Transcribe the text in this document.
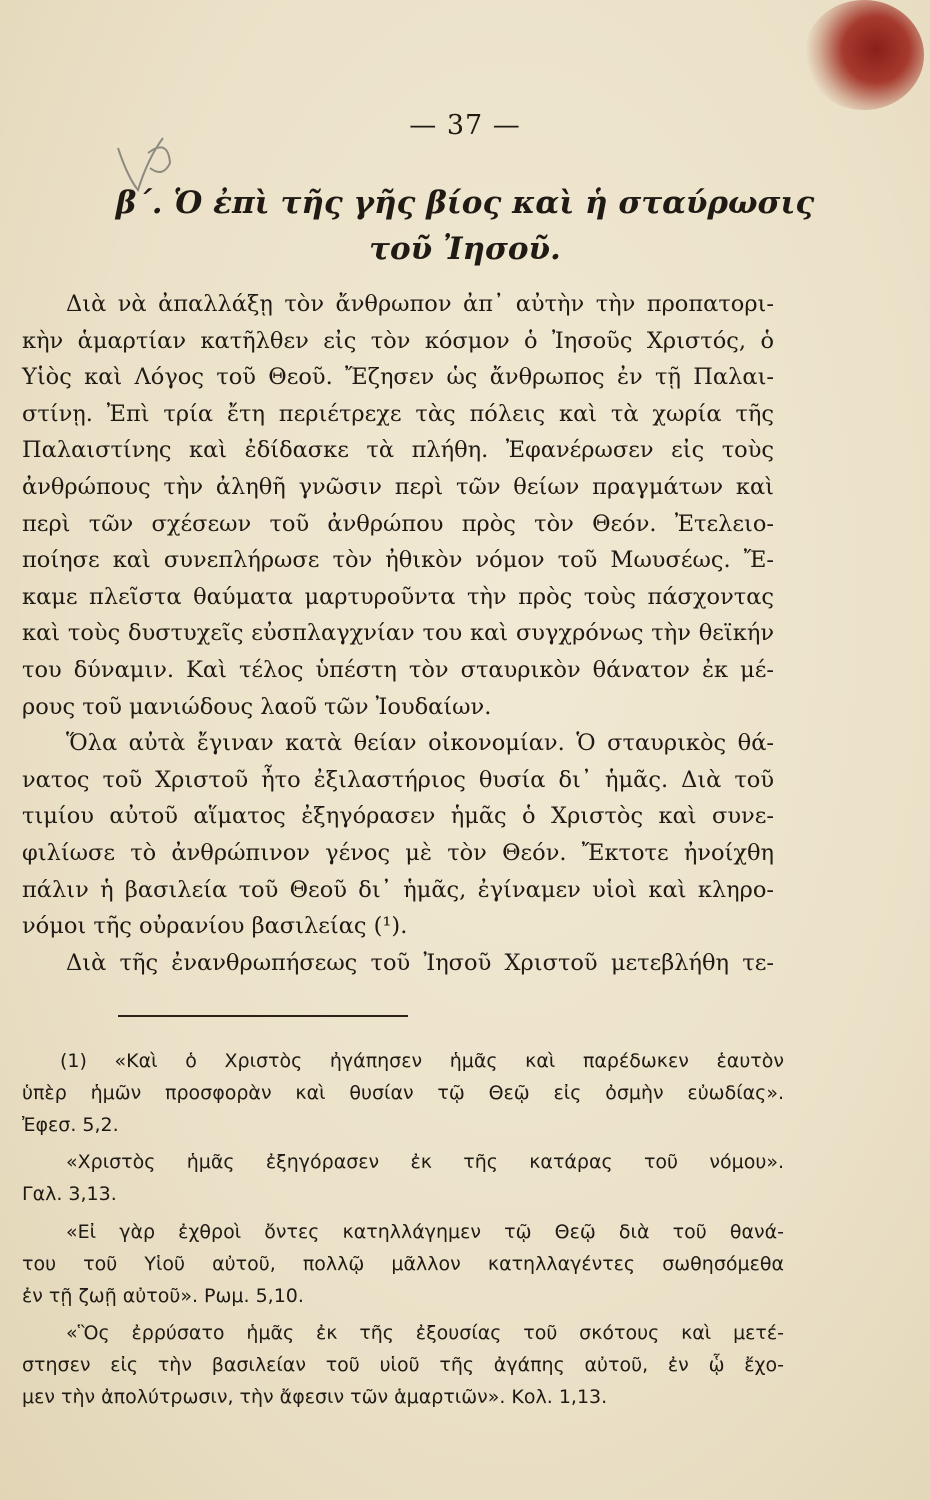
— 37 —
β΄. Ὁ ἐπὶ τῆς γῆς βίος καὶ ἡ σταύρωσις
τοῦ Ἰησοῦ.
Διὰ νὰ ἀπαλλάξῃ τὸν ἄνθρωπον ἀπ᾿ αὐτὴν τὴν προπατορι-
κὴν ἁμαρτίαν κατῆλθεν εἰς τὸν κόσμον ὁ Ἰησοῦς Χριστός, ὁ
Υἱὸς καὶ Λόγος τοῦ Θεοῦ. Ἔζησεν ὡς ἄνθρωπος ἐν τῇ Παλαι-
στίνῃ. Ἐπὶ τρία ἔτη περιέτρεχε τὰς πόλεις καὶ τὰ χωρία τῆς
Παλαιστίνης καὶ ἐδίδασκε τὰ πλήθη. Ἐφανέρωσεν εἰς τοὺς
ἀνθρώπους τὴν ἀληθῆ γνῶσιν περὶ τῶν θείων πραγμάτων καὶ
περὶ τῶν σχέσεων τοῦ ἀνθρώπου πρὸς τὸν Θεόν. Ἐτελειο-
ποίησε καὶ συνεπλήρωσε τὸν ἠθικὸν νόμον τοῦ Μωυσέως. Ἔ-
καμε πλεῖστα θαύματα μαρτυροῦντα τὴν πρὸς τοὺς πάσχοντας
καὶ τοὺς δυστυχεῖς εὐσπλαγχνίαν του καὶ συγχρόνως τὴν θεϊκήν
του δύναμιν. Καὶ τέλος ὑπέστη τὸν σταυρικὸν θάνατον ἐκ μέ-
ρους τοῦ μανιώδους λαοῦ τῶν Ἰουδαίων.
Ὅλα αὐτὰ ἔγιναν κατὰ θείαν οἰκονομίαν. Ὁ σταυρικὸς θά-
νατος τοῦ Χριστοῦ ἦτο ἐξιλαστήριος θυσία δι᾿ ἡμᾶς. Διὰ τοῦ
τιμίου αὐτοῦ αἵματος ἐξηγόρασεν ἡμᾶς ὁ Χριστὸς καὶ συνε-
φιλίωσε τὸ ἀνθρώπινον γένος μὲ τὸν Θεόν. Ἔκτοτε ἠνοίχθη
πάλιν ἡ βασιλεία τοῦ Θεοῦ δι᾿ ἡμᾶς, ἐγίναμεν υἱοὶ καὶ κληρο-
νόμοι τῆς οὐρανίου βασιλείας (¹).
Διὰ τῆς ἐνανθρωπήσεως τοῦ Ἰησοῦ Χριστοῦ μετεβλήθη τε-
(1) «Καὶ ὁ Χριστὸς ἠγάπησεν ἡμᾶς καὶ παρέδωκεν ἑαυτὸν
ὑπὲρ ἡμῶν προσφορὰν καὶ θυσίαν τῷ Θεῷ εἰς ὀσμὴν εὐωδίας».
Ἐφεσ. 5,2.
«Χριστὸς ἡμᾶς ἐξηγόρασεν ἐκ τῆς κατάρας τοῦ νόμου».
Γαλ. 3,13.
«Εἰ γὰρ ἐχθροὶ ὄντες κατηλλάγημεν τῷ Θεῷ διὰ τοῦ θανά-
του τοῦ Υἱοῦ αὐτοῦ, πολλῷ μᾶλλον κατηλλαγέντες σωθησόμεθα
ἐν τῇ ζωῇ αὐτοῦ». Ρωμ. 5,10.
«Ὃς ἐρρύσατο ἡμᾶς ἐκ τῆς ἐξουσίας τοῦ σκότους καὶ μετέ-
στησεν εἰς τὴν βασιλείαν τοῦ υἱοῦ τῆς ἀγάπης αὐτοῦ, ἐν ᾧ ἔχο-
μεν τὴν ἀπολύτρωσιν, τὴν ἄφεσιν τῶν ἁμαρτιῶν». Κολ. 1,13.
